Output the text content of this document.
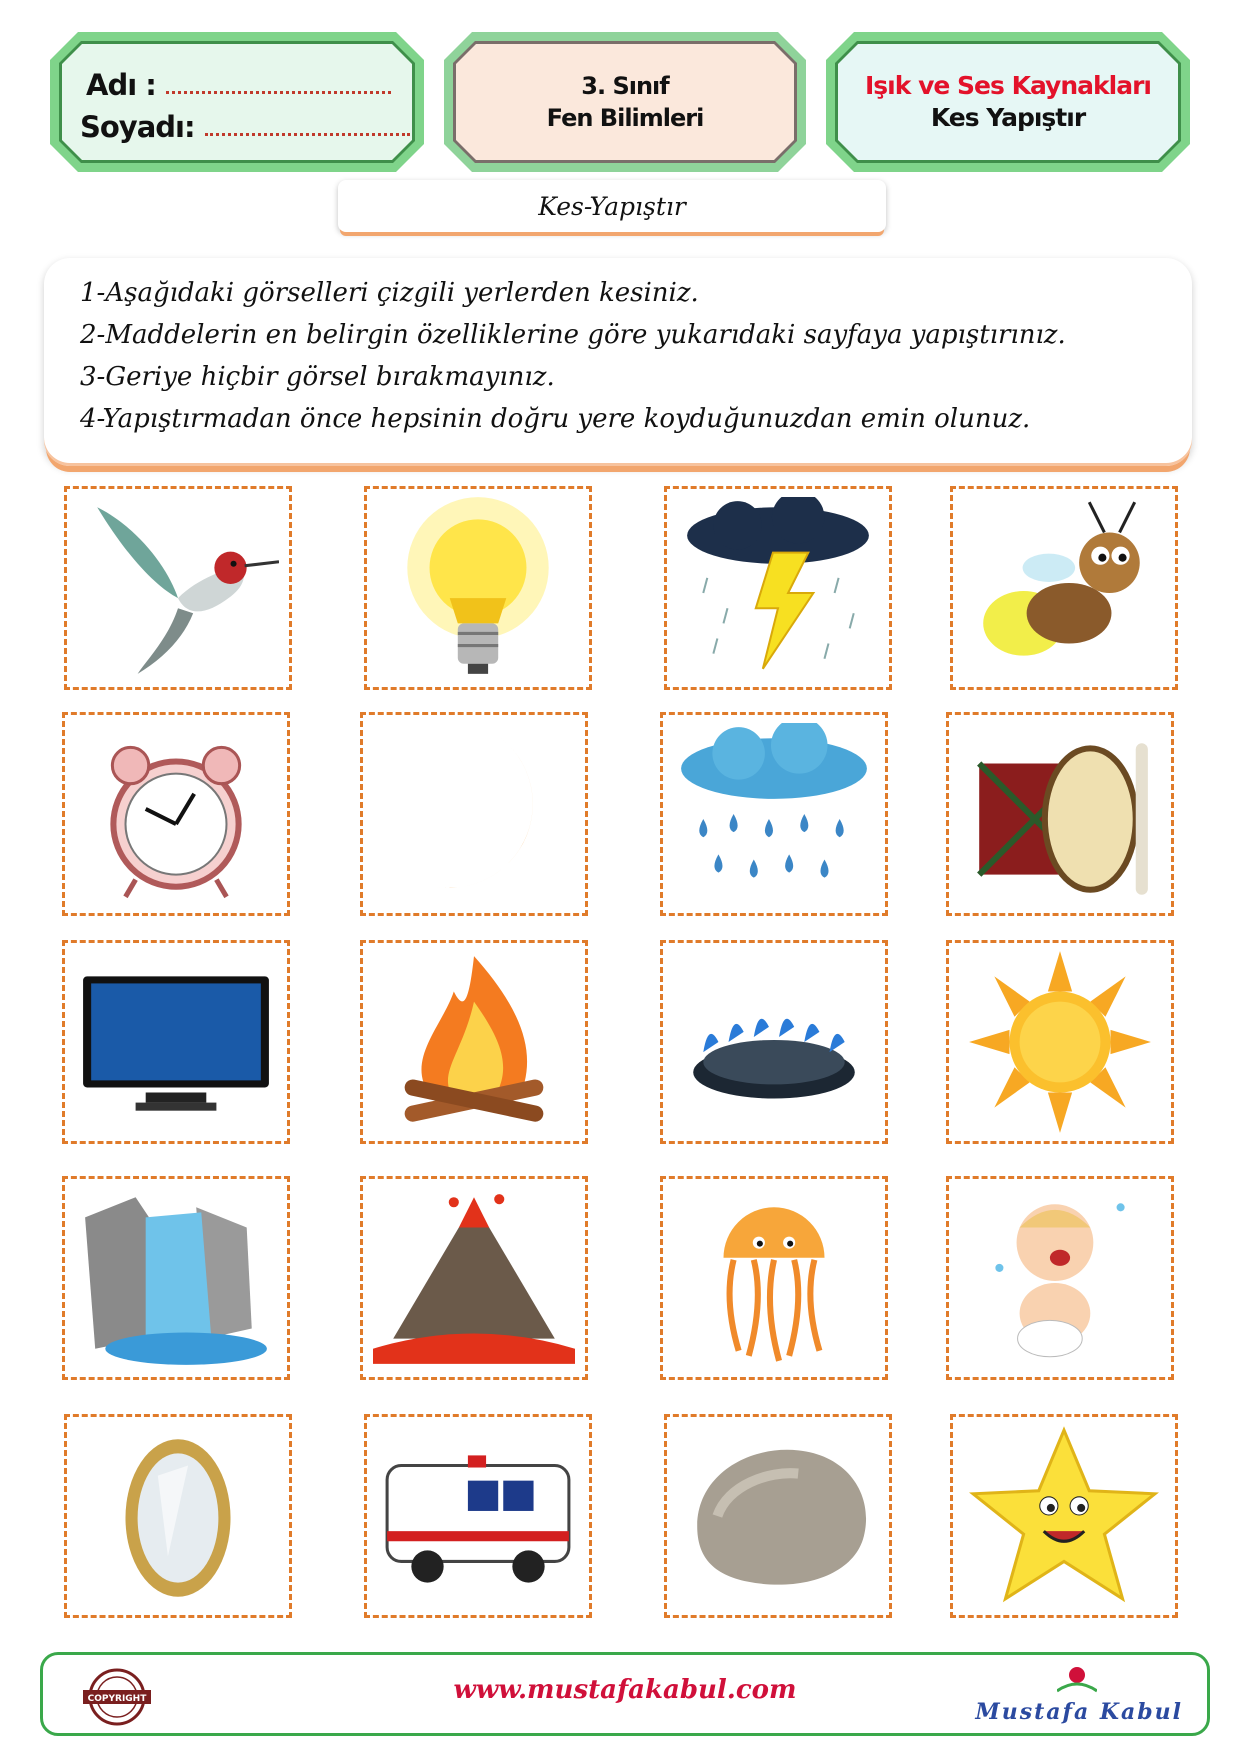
Adı :
Soyadı:
3. Sınıf
Fen Bilimleri
Işık ve Ses Kaynakları
Kes Yapıştır
Kes-Yapıştır
1-Aşağıdaki görselleri çizgili yerlerden kesiniz.
2-Maddelerin en belirgin özelliklerine göre yukarıdaki sayfaya yapıştırınız.
3-Geriye hiçbir görsel bırakmayınız.
4-Yapıştırmadan önce hepsinin doğru yere koyduğunuzdan emin olunuz.
COPYRIGHT	www.mustafakabul.com
Mustafa Kabul
